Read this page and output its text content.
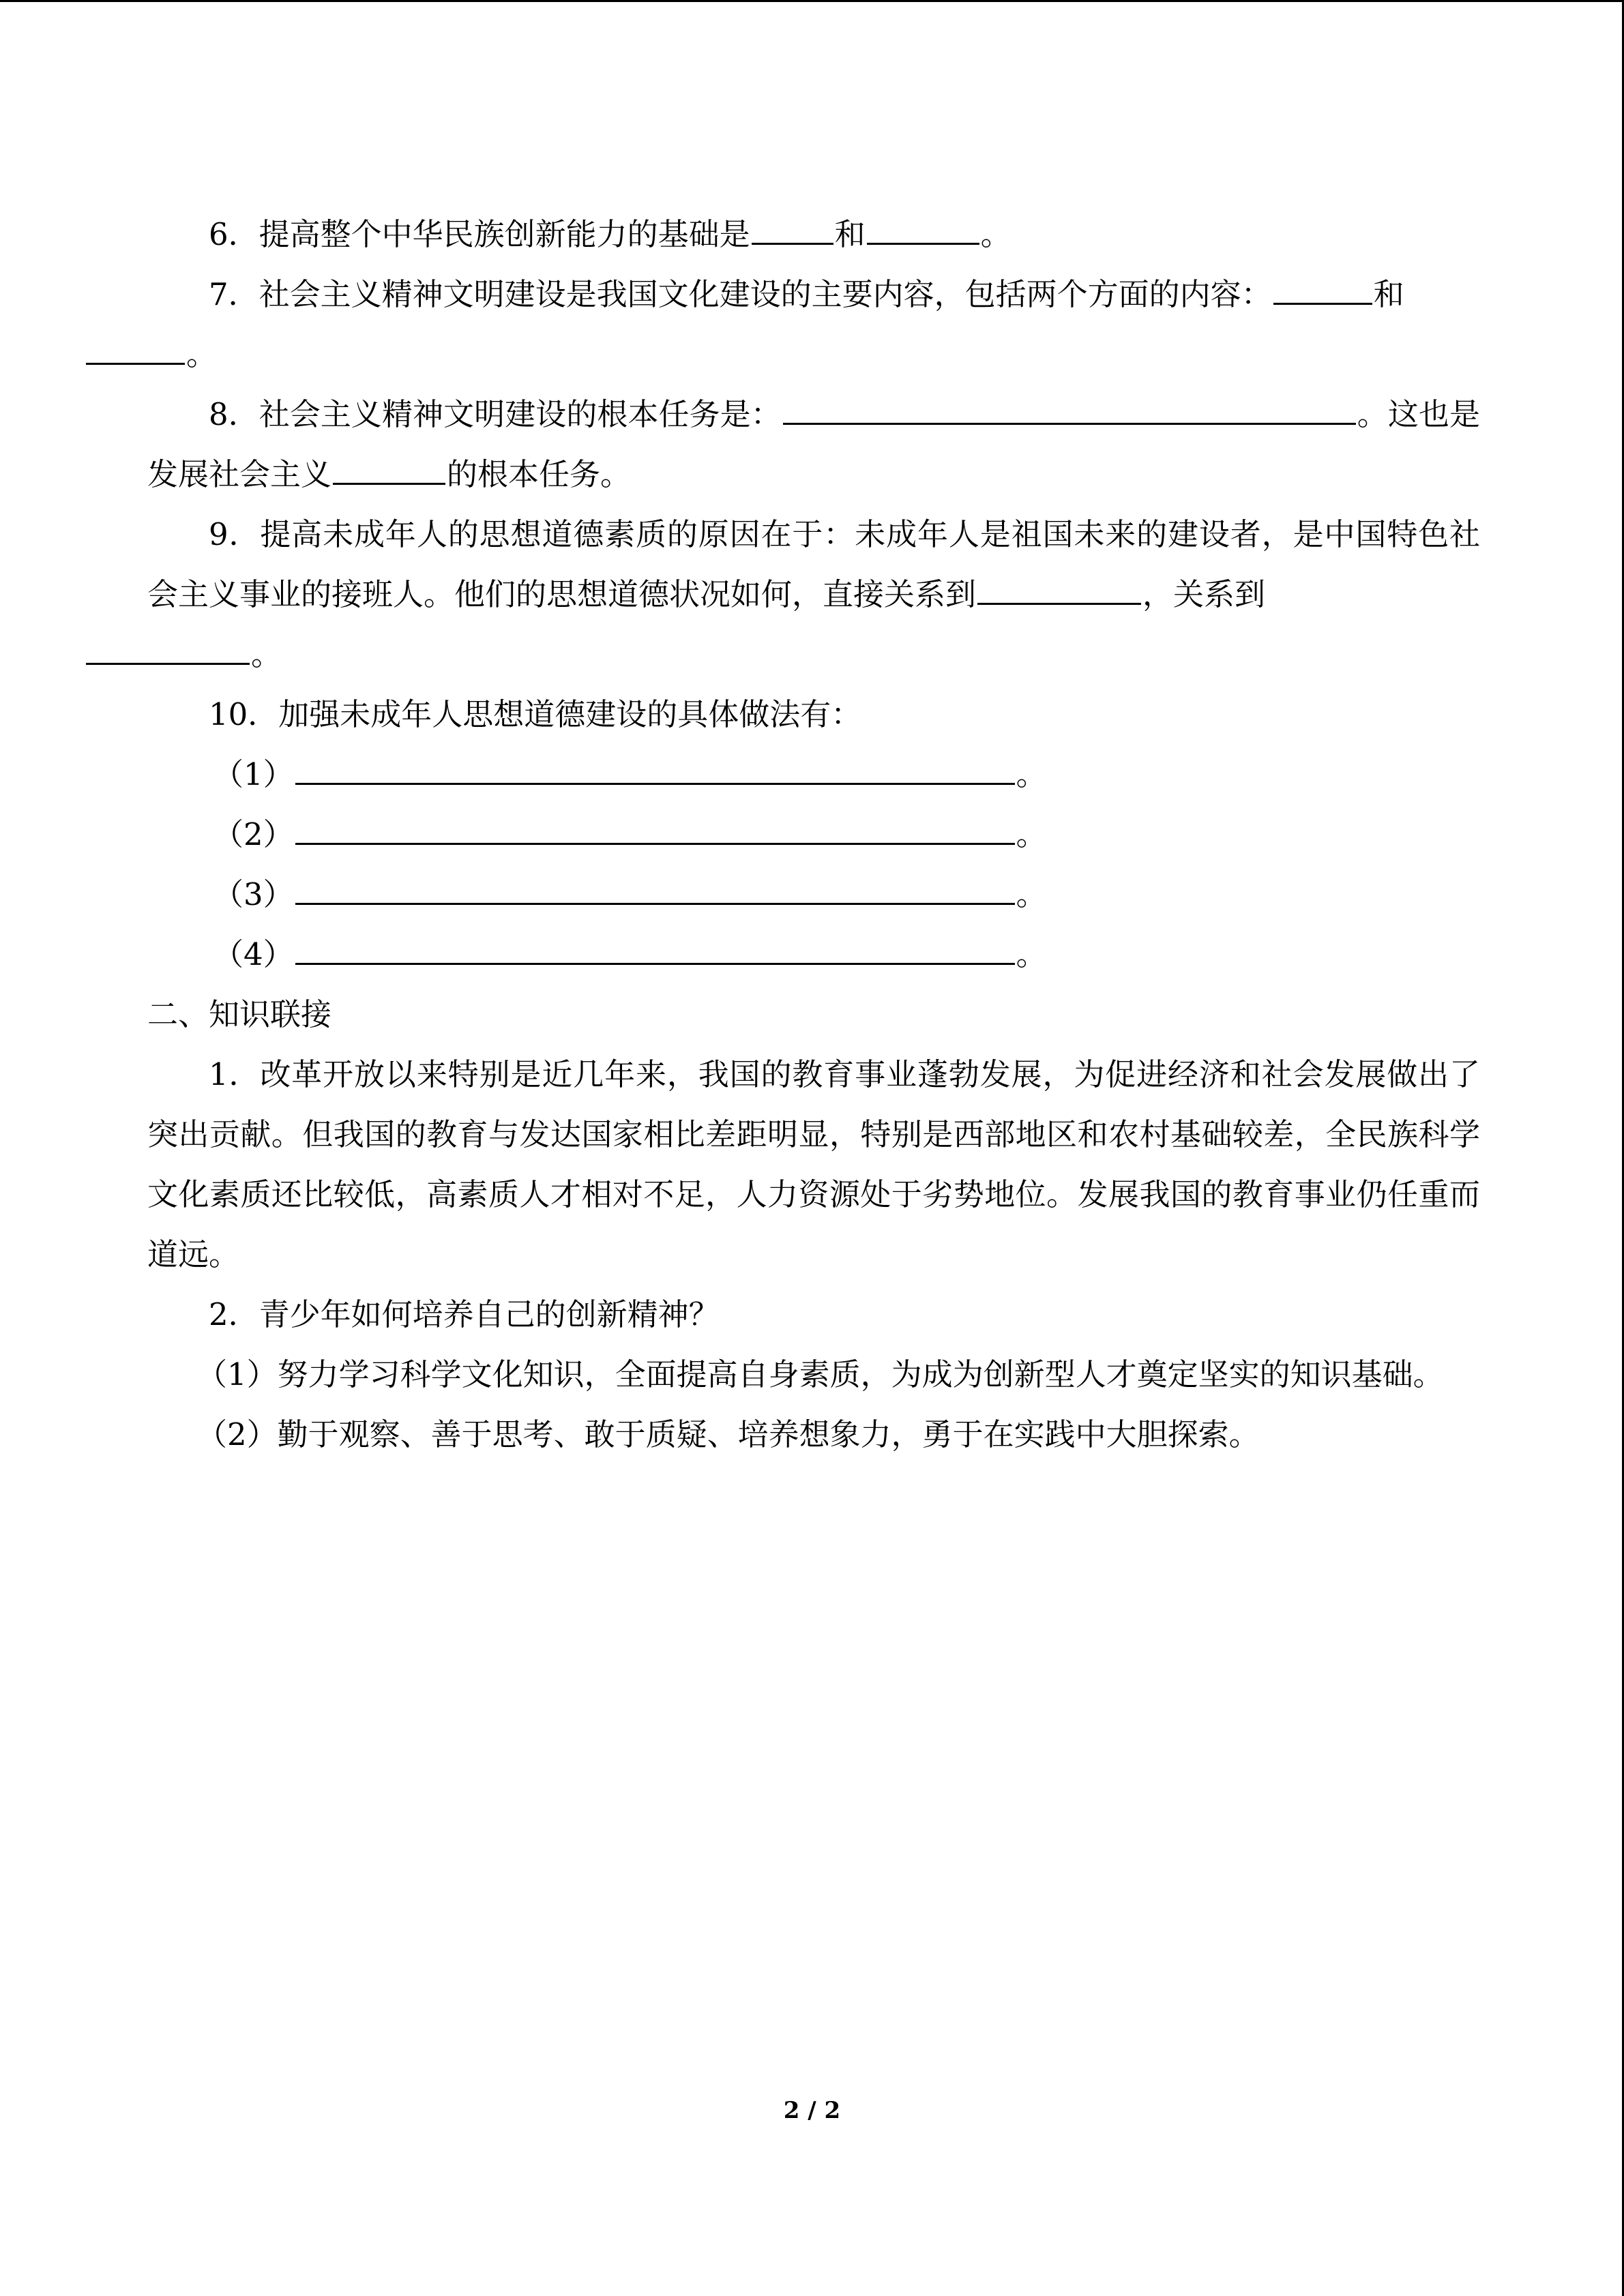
6．提高整个中华民族创新能力的基础是	和	。

7．社会主义精神文明建设是我国文化建设的主要内容，包括两个方面的内容：	和
。

8．社会主义精神文明建设的根本任务是：	。这也是发展社会主义	的根本任务。

9．提高未成年人的思想道德素质的原因在于：未成年人是祖国未来的建设者，是中国特色社会主义事业的接班人。他们的思想道德状况如何，直接关系到	，关系到
。

10．加强未成年人思想道德建设的具体做法有：

（1）	。

（2）	。

（3）	。

（4）	。

二、知识联接

1．改革开放以来特别是近几年来，我国的教育事业蓬勃发展，为促进经济和社会发展做出了突出贡献。但我国的教育与发达国家相比差距明显，特别是西部地区和农村基础较差，全民族科学文化素质还比较低，高素质人才相对不足，人力资源处于劣势地位。发展我国的教育事业仍任重而道远。

2．青少年如何培养自己的创新精神？

（1）努力学习科学文化知识，全面提高自身素质，为成为创新型人才奠定坚实的知识基础。

（2）勤于观察、善于思考、敢于质疑、培养想象力，勇于在实践中大胆探索。

2 / 2
